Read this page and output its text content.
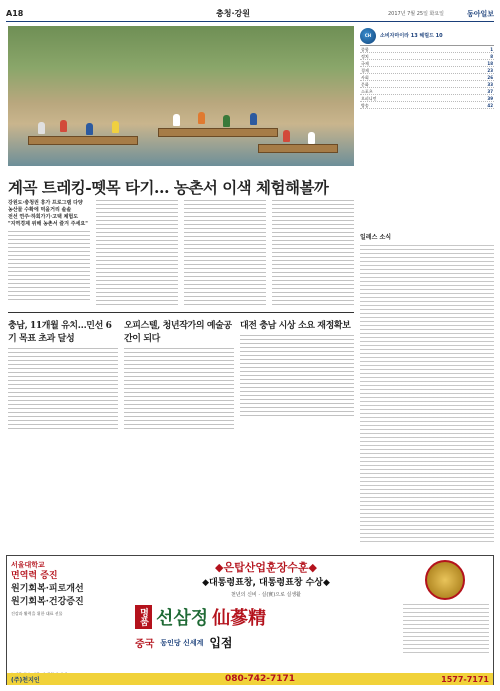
A18	충청·강원	2017년 7월 25일 화요일	동아일보
계곡 트레킹-뗏목 타기… 농촌서 이색 체험해볼까
강원도·충청권 휴가 프로그램 다양
농산물 수확에 먹을거리 솔솔
전선 연주·하회가기·고택 체험도
"지역경제 위해 농촌서 즐겨 주세요"
CH	소비자마이라 13 헤럴드 10
종합	1
정치	8
국제	18
경제	23
사회	26
문화	33
스포츠	37
오피니언	39
방송	42
일레스 소식
충남, 11개월 유치…민선 6기 목표 초과 달성
오피스텔, 청년작가의 예술공간이 되다
대전 충남 시상 소요 재정확보
서울대학교
면역력 증진
원기회복·피로개선
원기회복·건강증진
건강과 활력을 위한 대표 선물
◆은탑산업훈장수훈◆
◆대통령표창, 대통령표창 수상◆
천년의 신비 · 실(實)으로 실생활
명품 선삼정 仙蔘精
중국 동인당 신세계 입점
(주)천지인	080-742-7171	1577-7171
